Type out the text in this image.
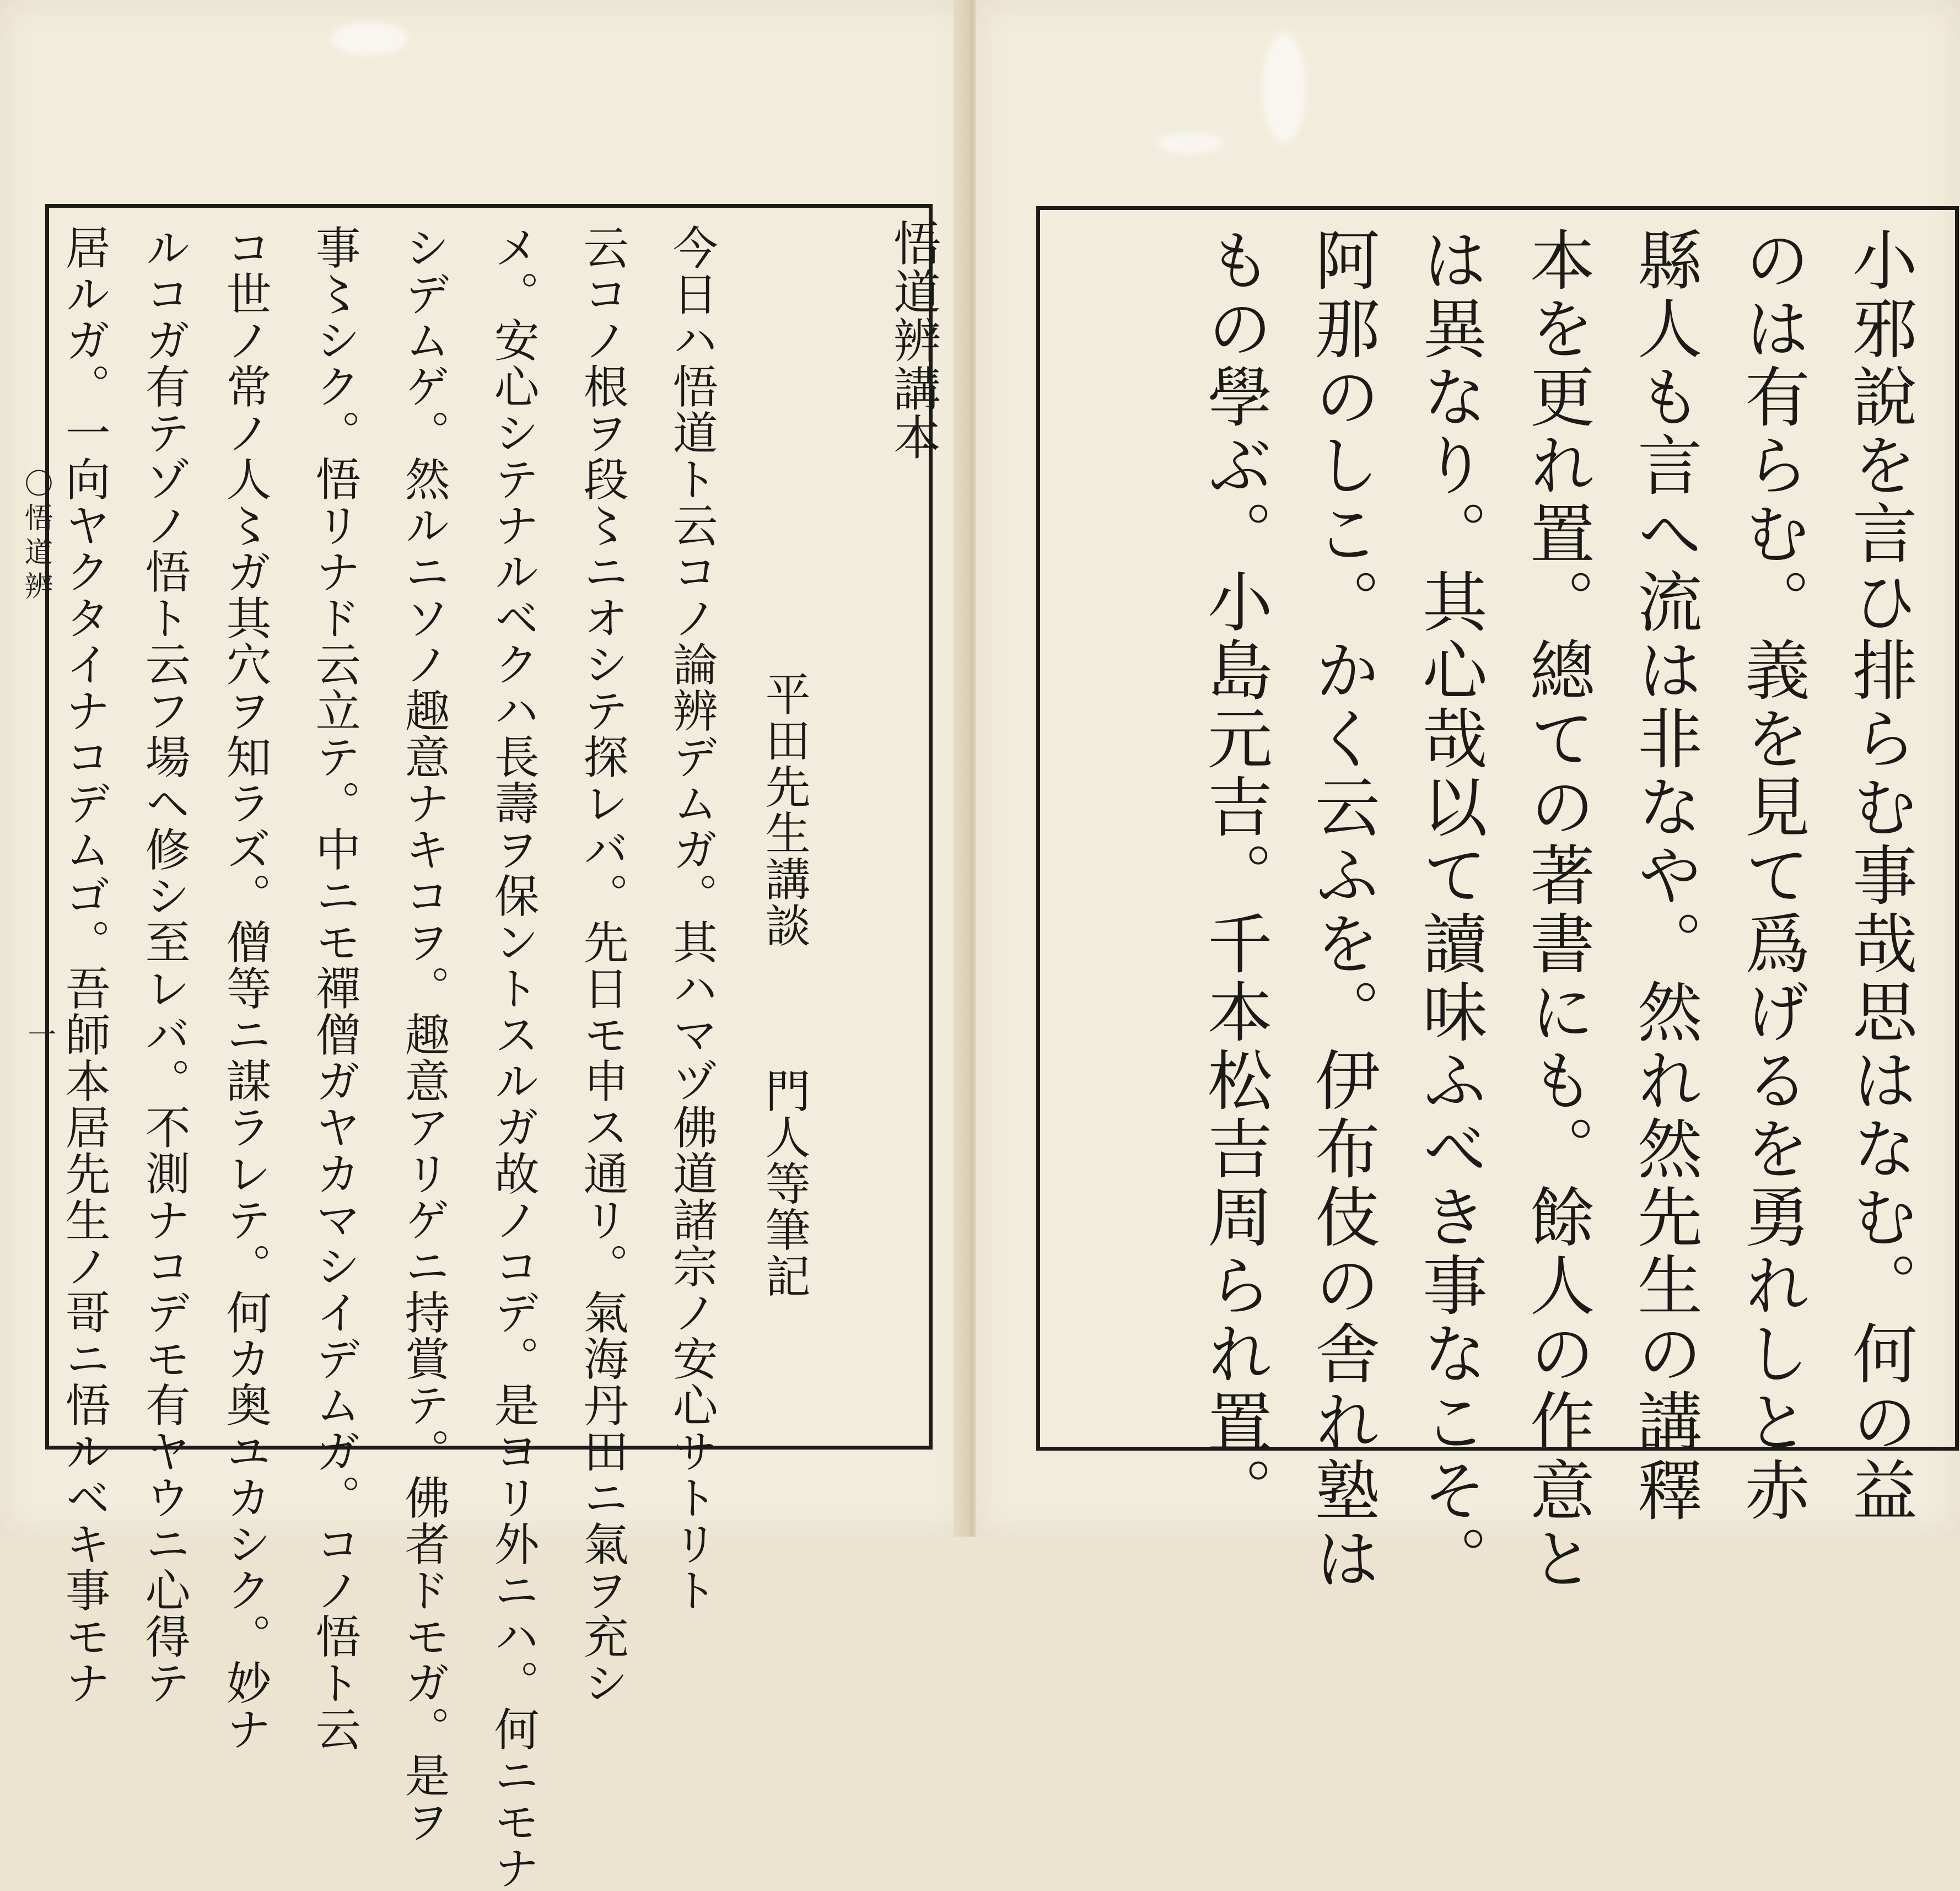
〇悟道辨
一
悟道辨講本
平田先生講談
門人等筆記
今日ハ悟道ト云コノ論辨デムガ。其ハマヅ佛道諸宗ノ安心サトリト
云コノ根ヲ段〻ニオシテ探レバ。先日モ申ス通リ。氣海丹田ニ氣ヲ充シ
メ。安心シテナルベクハ長壽ヲ保ントスルガ故ノコデ。是ヨリ外ニハ。何ニモナ
シデムゲ。然ルニソノ趣意ナキコヲ。趣意アリゲニ持賞テ。佛者ドモガ。是ヲ
事〻シク。悟リナド云立テ。中ニモ禪僧ガヤカマシイデムガ。コノ悟ト云
コ世ノ常ノ人〻ガ其穴ヲ知ラズ。僧等ニ謀ラレテ。何カ奥ユカシク。妙ナ
ルコガ有テゾノ悟ト云フ場ヘ修シ至レバ。不測ナコデモ有ヤウニ心得テ
居ルガ。一向ヤクタイナコデムゴ。吾師本居先生ノ哥ニ悟ルベキ事モナ	小邪說を言ひ排らむ事哉思はなむ。何の益
のは有らむ。義を見て爲げるを勇れしと赤
縣人も言へ流は非なや。然れ然先生の講釋
本を更れ置。總ての著書にも。餘人の作意と
は異なり。其心哉以て讀味ふべき事なこそ。
阿那のしこ。かく云ふを。伊布伎の舎れ塾は
もの學ぶ。小島元吉。千本松吉周られ置。
